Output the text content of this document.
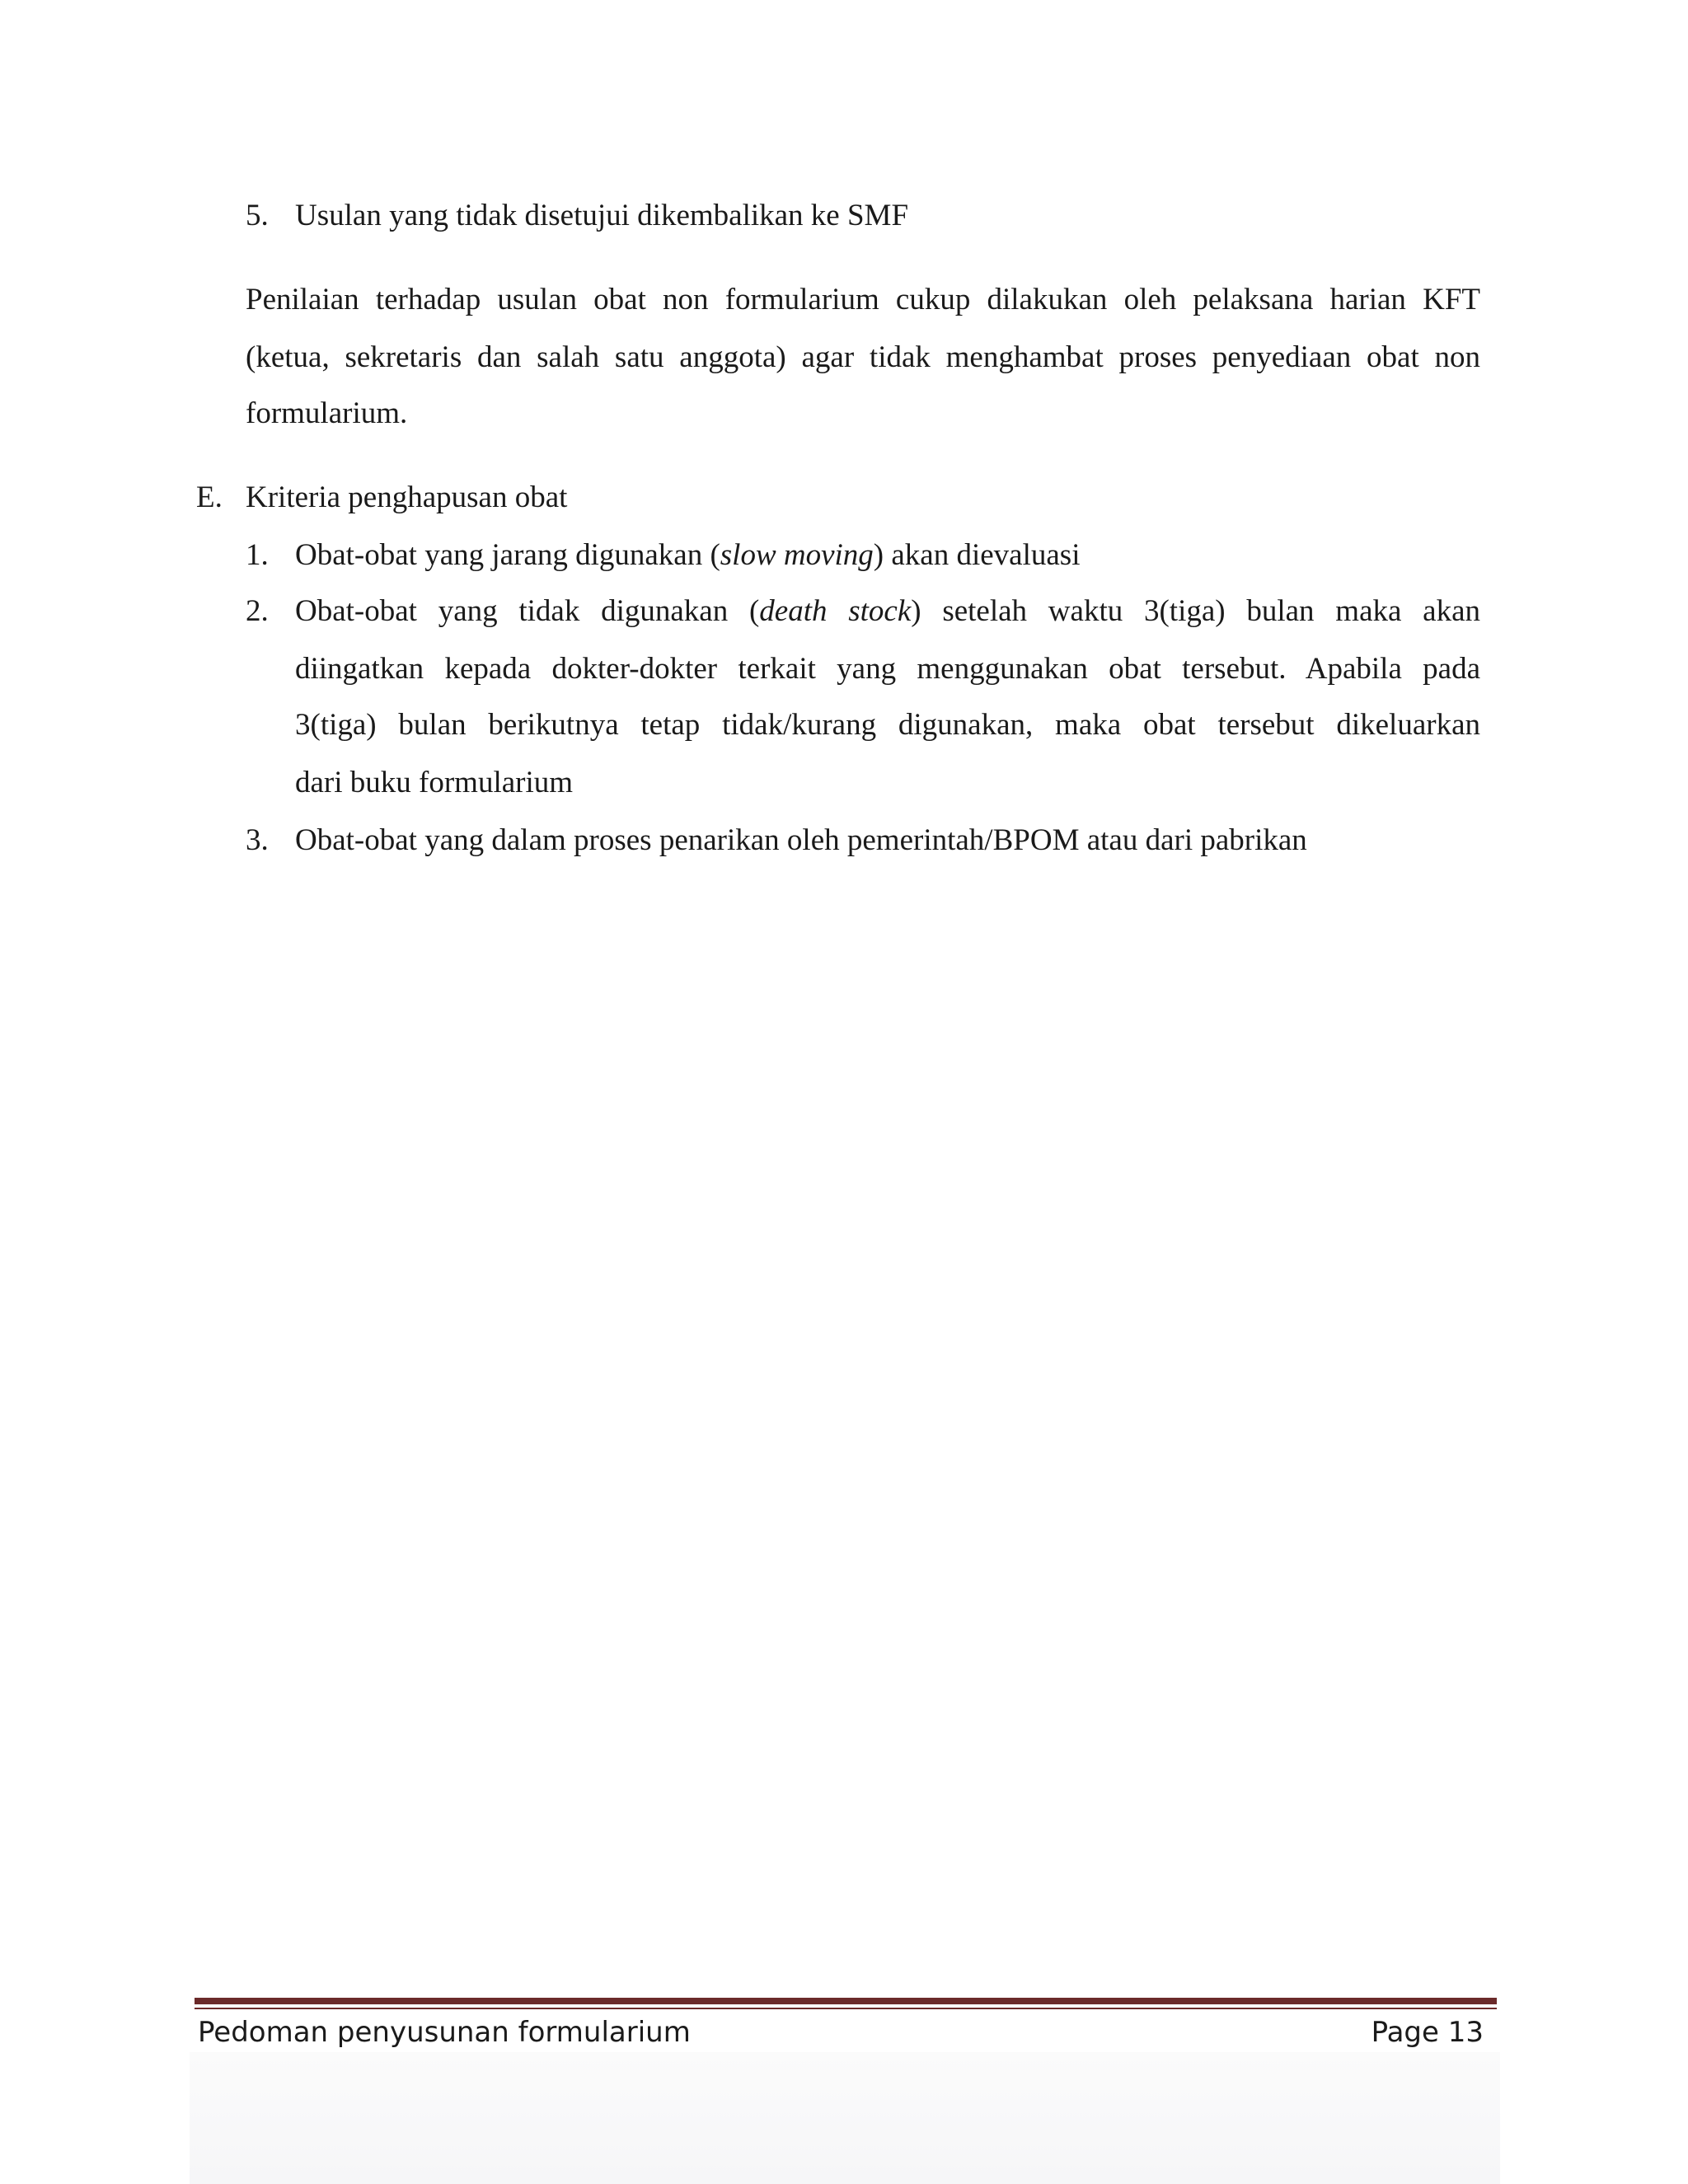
5. Usulan yang tidak disetujui dikembalikan ke SMF
Penilaian terhadap usulan obat non formularium cukup dilakukan oleh pelaksana harian KFT
(ketua, sekretaris dan salah satu anggota) agar tidak menghambat proses penyediaan obat non
formularium.
E. Kriteria penghapusan obat
1. Obat-obat yang jarang digunakan (slow moving) akan dievaluasi
2. Obat-obat yang tidak digunakan (death stock) setelah waktu 3(tiga) bulan maka akan
diingatkan kepada dokter-dokter terkait yang menggunakan obat tersebut. Apabila pada
3(tiga) bulan berikutnya tetap tidak/kurang digunakan, maka obat tersebut dikeluarkan
dari buku formularium
3. Obat-obat yang dalam proses penarikan oleh pemerintah/BPOM atau dari pabrikan
Pedoman penyusunan formularium	Page 13
